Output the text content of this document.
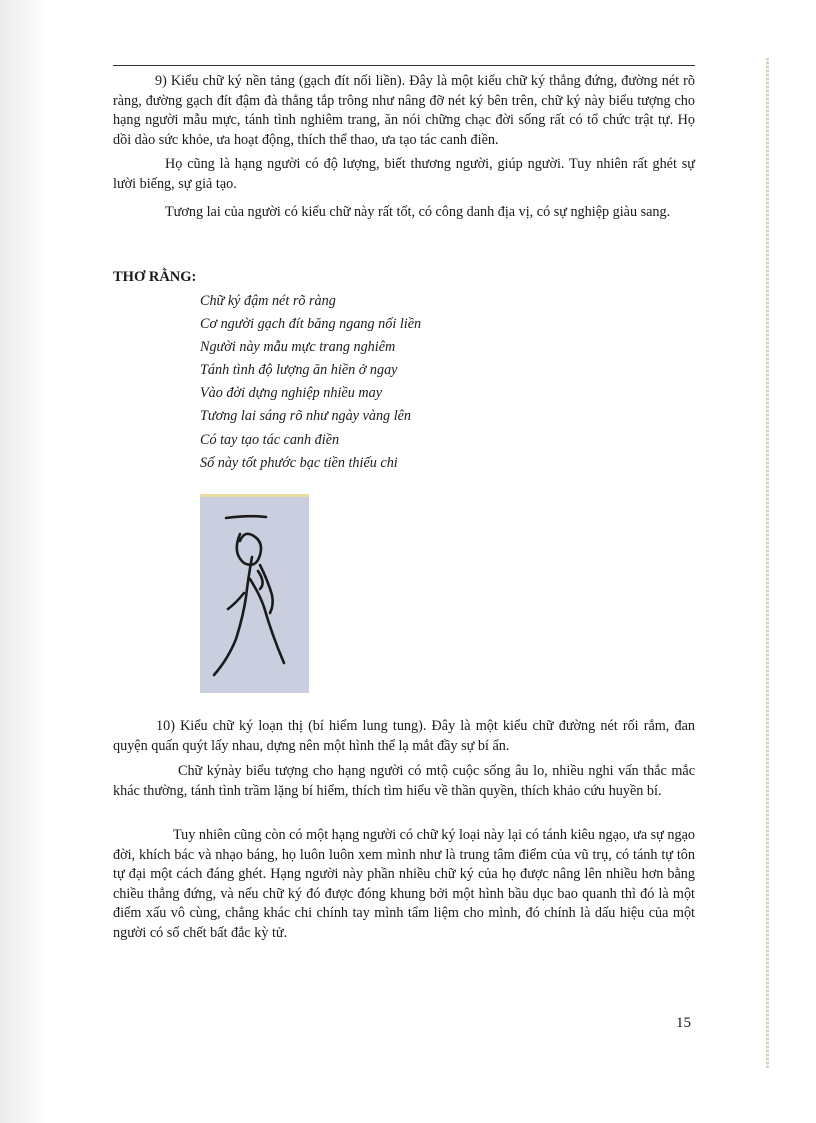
9) Kiểu chữ ký nền tảng (gạch đít nối liền). Đây là một kiểu chữ ký thẳng đứng, đường nét rõ ràng, đường gạch đít đậm đà thẳng tắp trông như nâng đỡ nét ký bên trên, chữ ký này biểu tượng cho hạng người mẫu mực, tánh tình nghiêm trang, ăn nói chững chạc đời sống rất có tổ chức trật tự. Họ dồi dào sức khỏe, ưa hoạt động, thích thể thao, ưa tạo tác canh điền.

Họ cũng là hạng người có độ lượng, biết thương người, giúp người. Tuy nhiên rất ghét sự lười biếng, sự giả tạo.

Tương lai của người có kiểu chữ này rất tốt, có công danh địa vị, có sự nghiệp giàu sang.

THƠ RẰNG:
Chữ ký đậm nét rõ ràng
Cơ người gạch đít băng ngang nối liền
Người này mẫu mực trang nghiêm
Tánh tình độ lượng ăn hiền ở ngay
Vào đời dựng nghiệp nhiều may
Tương lai sáng rõ như ngày vàng lên
Có tay tạo tác canh điền
Số này tốt phước bạc tiền thiếu chi

10) Kiểu chữ ký loạn thị (bí hiểm lung tung). Đây là một kiểu chữ đường nét rối rắm, đan quyện quấn quýt lấy nhau, dựng nên một hình thể lạ mắt đầy sự bí ẩn.

Chữ kýnày biểu tượng cho hạng người có mtộ cuộc sống âu lo, nhiều nghi vấn thắc mắc khác thường, tánh tình trầm lặng bí hiểm, thích tìm hiểu về thần quyền, thích khảo cứu huyền bí.

Tuy nhiên cũng còn có một hạng người có chữ ký loại này lại có tánh kiêu ngạo, ưa sự ngạo đời, khích bác và nhạo báng, họ luôn luôn xem mình như là trung tâm điểm của vũ trụ, có tánh tự tôn tự đại một cách đáng ghét. Hạng người này phần nhiều chữ ký của họ được nâng lên nhiều hơn bằng chiều thẳng đứng, và nếu chữ ký đó được đóng khung bởi một hình bầu dục bao quanh thì đó là một điểm xấu vô cùng, chẳng khác chi chính tay mình tẩm liệm cho mình, đó chính là dấu hiệu của một người có số chết bất đắc kỳ tử.

15
